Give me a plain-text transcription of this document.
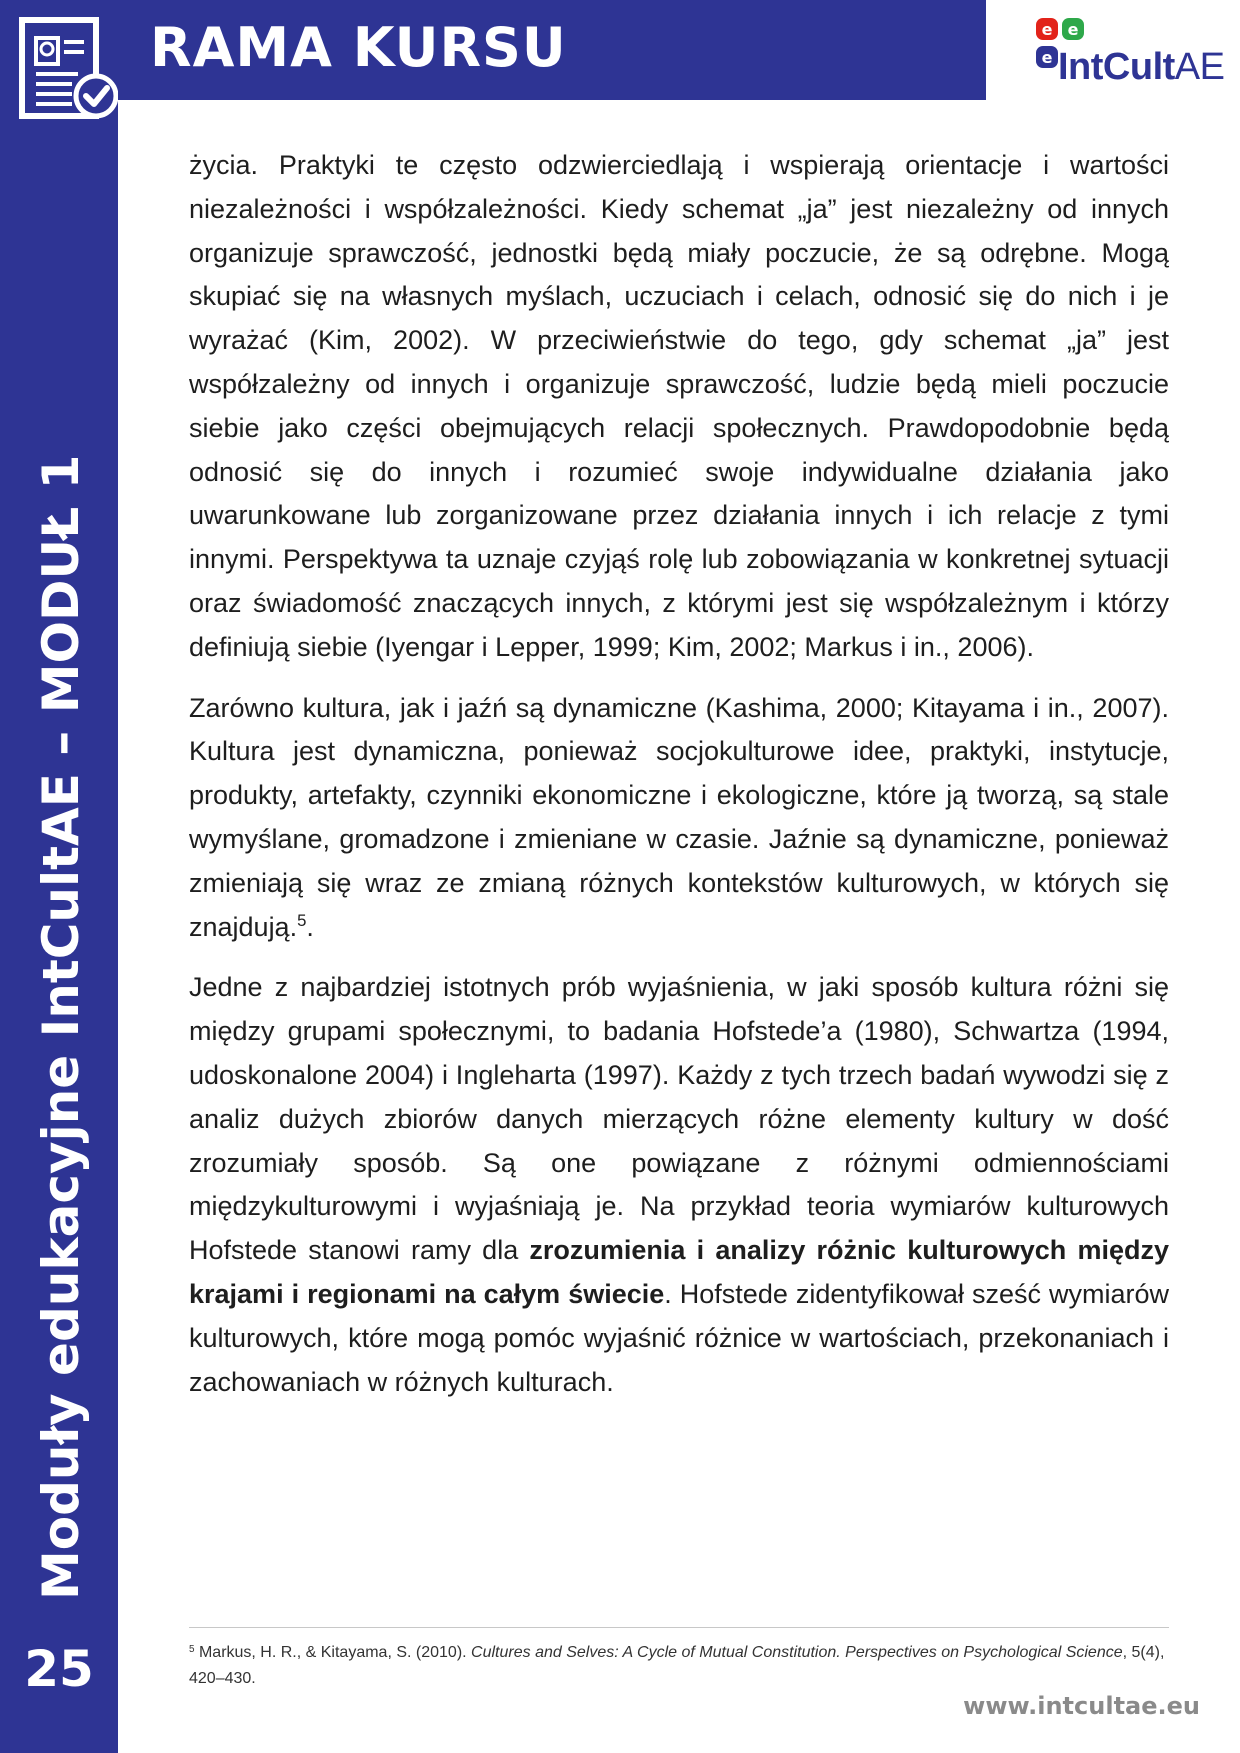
RAMA KURSU	e e
e IntCultAE
Moduły edukacyjne IntCultAE – MODUŁ 1
25

życia. Praktyki te często odzwierciedlają i wspierają orientacje i wartości niezależności i współzależności. Kiedy schemat „ja” jest niezależny od innych organizuje sprawczość, jednostki będą miały poczucie, że są odrębne. Mogą skupiać się na własnych myślach, uczuciach i celach, odnosić się do nich i je wyrażać (Kim, 2002). W przeciwieństwie do tego, gdy schemat „ja” jest współzależny od innych i organizuje sprawczość, ludzie będą mieli poczucie siebie jako części obejmujących relacji społecznych. Prawdopodobnie będą odnosić się do innych i rozumieć swoje indywidualne działania jako uwarunkowane lub zorganizowane przez działania innych i ich relacje z tymi innymi. Perspektywa ta uznaje czyjąś rolę lub zobowiązania w konkretnej sytuacji oraz świadomość znaczących innych, z którymi jest się współzależnym i którzy definiują siebie (Iyengar i Lepper, 1999; Kim, 2002; Markus i in., 2006).

Zarówno kultura, jak i jaźń są dynamiczne (Kashima, 2000; Kitayama i in., 2007). Kultura jest dynamiczna, ponieważ socjokulturowe idee, praktyki, instytucje, produkty, artefakty, czynniki ekonomiczne i ekologiczne, które ją tworzą, są stale wymyślane, gromadzone i zmieniane w czasie. Jaźnie są dynamiczne, ponieważ zmieniają się wraz ze zmianą różnych kontekstów kulturowych, w których się znajdują.$^5$.

Jedne z najbardziej istotnych prób wyjaśnienia, w jaki sposób kultura różni się między grupami społecznymi, to badania Hofstede’a (1980), Schwartza (1994, udoskonalone 2004) i Ingleharta (1997). Każdy z tych trzech badań wywodzi się z analiz dużych zbiorów danych mierzących różne elementy kultury w dość zrozumiały sposób. Są one powiązane z różnymi odmiennościami międzykulturowymi i wyjaśniają je. Na przykład teoria wymiarów kulturowych Hofstede stanowi ramy dla zrozumienia i analizy różnic kulturowych między krajami i regionami na całym świecie. Hofstede zidentyfikował sześć wymiarów kulturowych, które mogą pomóc wyjaśnić różnice w wartościach, przekonaniach i zachowaniach w różnych kulturach.

$^5$ Markus, H. R., & Kitayama, S. (2010). Cultures and Selves: A Cycle of Mutual Constitution. Perspectives on Psychological Science, 5(4), 420–430.
www.intcultae.eu
